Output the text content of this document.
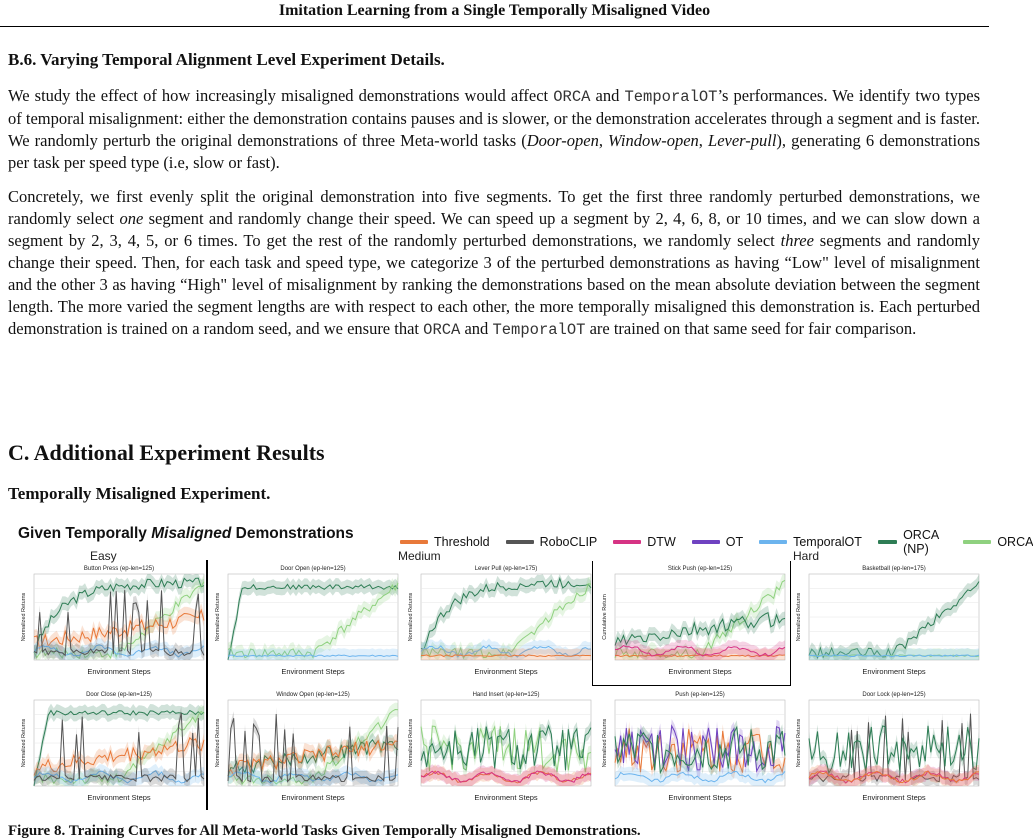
Imitation Learning from a Single Temporally Misaligned Video
B.6. Varying Temporal Alignment Level Experiment Details.
We study the effect of how increasingly misaligned demonstrations would affect ORCA and TemporalOT’s performances. We identify two types of temporal misalignment: either the demonstration contains pauses and is slower, or the demonstration accelerates through a segment and is faster. We randomly perturb the original demonstrations of three Meta-world tasks (Door-open, Window-open, Lever-pull), generating 6 demonstrations per task per speed type (i.e, slow or fast).
Concretely, we first evenly split the original demonstration into five segments. To get the first three randomly perturbed demonstrations, we randomly select one segment and randomly change their speed. We can speed up a segment by 2, 4, 6, 8, or 10 times, and we can slow down a segment by 2, 3, 4, 5, or 6 times. To get the rest of the randomly perturbed demonstrations, we randomly select three segments and randomly change their speed. Then, for each task and speed type, we categorize 3 of the perturbed demonstrations as having “Low" level of misalignment and the other 3 as having “High" level of misalignment by ranking the demonstrations based on the mean absolute deviation between the segment length. The more varied the segment lengths are with respect to each other, the more temporally misaligned this demonstration is. Each perturbed demonstration is trained on a random seed, and we ensure that ORCA and TemporalOT are trained on that same seed for fair comparison.
C. Additional Experiment Results
Temporally Misaligned Experiment.
Given Temporally Misaligned Demonstrations	Threshold	RoboCLIP	DTW	OT	TemporalOT	ORCA (NP)	ORCA
Easy	Medium	Hard
Button Press (ep-len=125)
Environment Steps
Normalized Returns
Door Open (ep-len=125)
Environment Steps
Normalized Returns
Lever Pull (ep-len=175)
Environment Steps
Normalized Returns
Stick Push (ep-len=125)
Environment Steps
Cumulative Return
Basketball (ep-len=175)
Environment Steps
Normalized Returns
Door Close (ep-len=125)
Environment Steps
Normalized Returns
Window Open (ep-len=125)
Environment Steps
Normalized Returns
Hand Insert (ep-len=125)
Environment Steps
Normalized Returns
Push (ep-len=125)
Environment Steps
Normalized Returns
Door Lock (ep-len=125)
Environment Steps
Normalized Returns
Figure 8. Training Curves for All Meta-world Tasks Given Temporally Misaligned Demonstrations.
